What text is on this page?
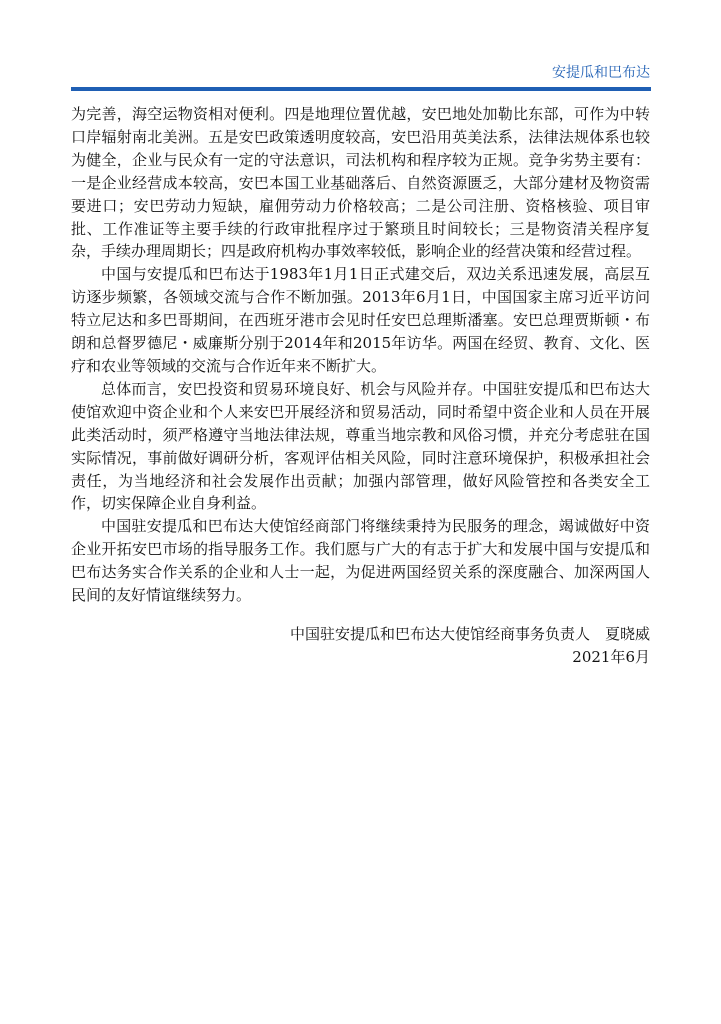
安提瓜和巴布达

为完善，海空运物资相对便利。四是地理位置优越，安巴地处加勒比东部，可作为中转口岸辐射南北美洲。五是安巴政策透明度较高，安巴沿用英美法系，法律法规体系也较为健全，企业与民众有一定的守法意识，司法机构和程序较为正规。竞争劣势主要有：一是企业经营成本较高，安巴本国工业基础落后、自然资源匮乏，大部分建材及物资需要进口；安巴劳动力短缺，雇佣劳动力价格较高；二是公司注册、资格核验、项目审批、工作准证等主要手续的行政审批程序过于繁琐且时间较长；三是物资清关程序复杂，手续办理周期长；四是政府机构办事效率较低，影响企业的经营决策和经营过程。

中国与安提瓜和巴布达于1983年1月1日正式建交后，双边关系迅速发展，高层互访逐步频繁，各领域交流与合作不断加强。2013年6月1日，中国国家主席习近平访问特立尼达和多巴哥期间，在西班牙港市会见时任安巴总理斯潘塞。安巴总理贾斯顿・布朗和总督罗德尼・威廉斯分别于2014年和2015年访华。两国在经贸、教育、文化、医疗和农业等领域的交流与合作近年来不断扩大。

总体而言，安巴投资和贸易环境良好、机会与风险并存。中国驻安提瓜和巴布达大使馆欢迎中资企业和个人来安巴开展经济和贸易活动，同时希望中资企业和人员在开展此类活动时，须严格遵守当地法律法规，尊重当地宗教和风俗习惯，并充分考虑驻在国实际情况，事前做好调研分析，客观评估相关风险，同时注意环境保护，积极承担社会责任，为当地经济和社会发展作出贡献；加强内部管理，做好风险管控和各类安全工作，切实保障企业自身利益。

中国驻安提瓜和巴布达大使馆经商部门将继续秉持为民服务的理念，竭诚做好中资企业开拓安巴市场的指导服务工作。我们愿与广大的有志于扩大和发展中国与安提瓜和巴布达务实合作关系的企业和人士一起，为促进两国经贸关系的深度融合、加深两国人民间的友好情谊继续努力。

中国驻安提瓜和巴布达大使馆经商事务负责人　夏晓威
2021年6月
